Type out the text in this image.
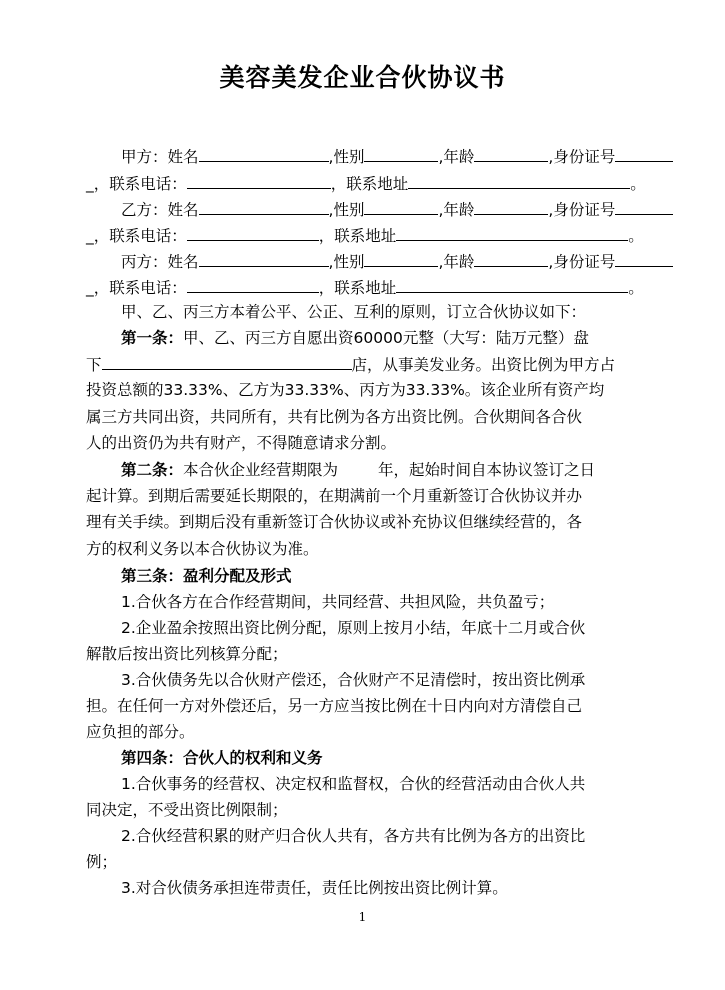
美容美发企业合伙协议书
甲方：姓名	,性别	,年龄	,身份证号
_，联系电话：	，联系地址	。
乙方：姓名	,性别	,年龄	,身份证号
_，联系电话：	，联系地址	。
丙方：姓名	,性别	,年龄	,身份证号
_，联系电话：	，联系地址	。
甲、乙、丙三方本着公平、公正、互利的原则，订立合伙协议如下：
第一条：甲、乙、丙三方自愿出资60000元整（大写：陆万元整）盘
下	店，从事美发业务。出资比例为甲方占
投资总额的33.33%、乙方为33.33%、丙方为33.33%。该企业所有资产均
属三方共同出资，共同所有，共有比例为各方出资比例。合伙期间各合伙
人的出资仍为共有财产，不得随意请求分割。
第二条：本合伙企业经营期限为	年，起始时间自本协议签订之日
起计算。到期后需要延长期限的，在期满前一个月重新签订合伙协议并办
理有关手续。到期后没有重新签订合伙协议或补充协议但继续经营的，各
方的权利义务以本合伙协议为准。
第三条：盈利分配及形式
1.合伙各方在合作经营期间，共同经营、共担风险，共负盈亏；
2.企业盈余按照出资比例分配，原则上按月小结，年底十二月或合伙
解散后按出资比列核算分配；
3.合伙债务先以合伙财产偿还，合伙财产不足清偿时，按出资比例承
担。在任何一方对外偿还后，另一方应当按比例在十日内向对方清偿自己
应负担的部分。
第四条：合伙人的权利和义务
1.合伙事务的经营权、决定权和监督权，合伙的经营活动由合伙人共
同决定，不受出资比例限制；
2.合伙经营积累的财产归合伙人共有，各方共有比例为各方的出资比
例；
3.对合伙债务承担连带责任，责任比例按出资比例计算。
1
